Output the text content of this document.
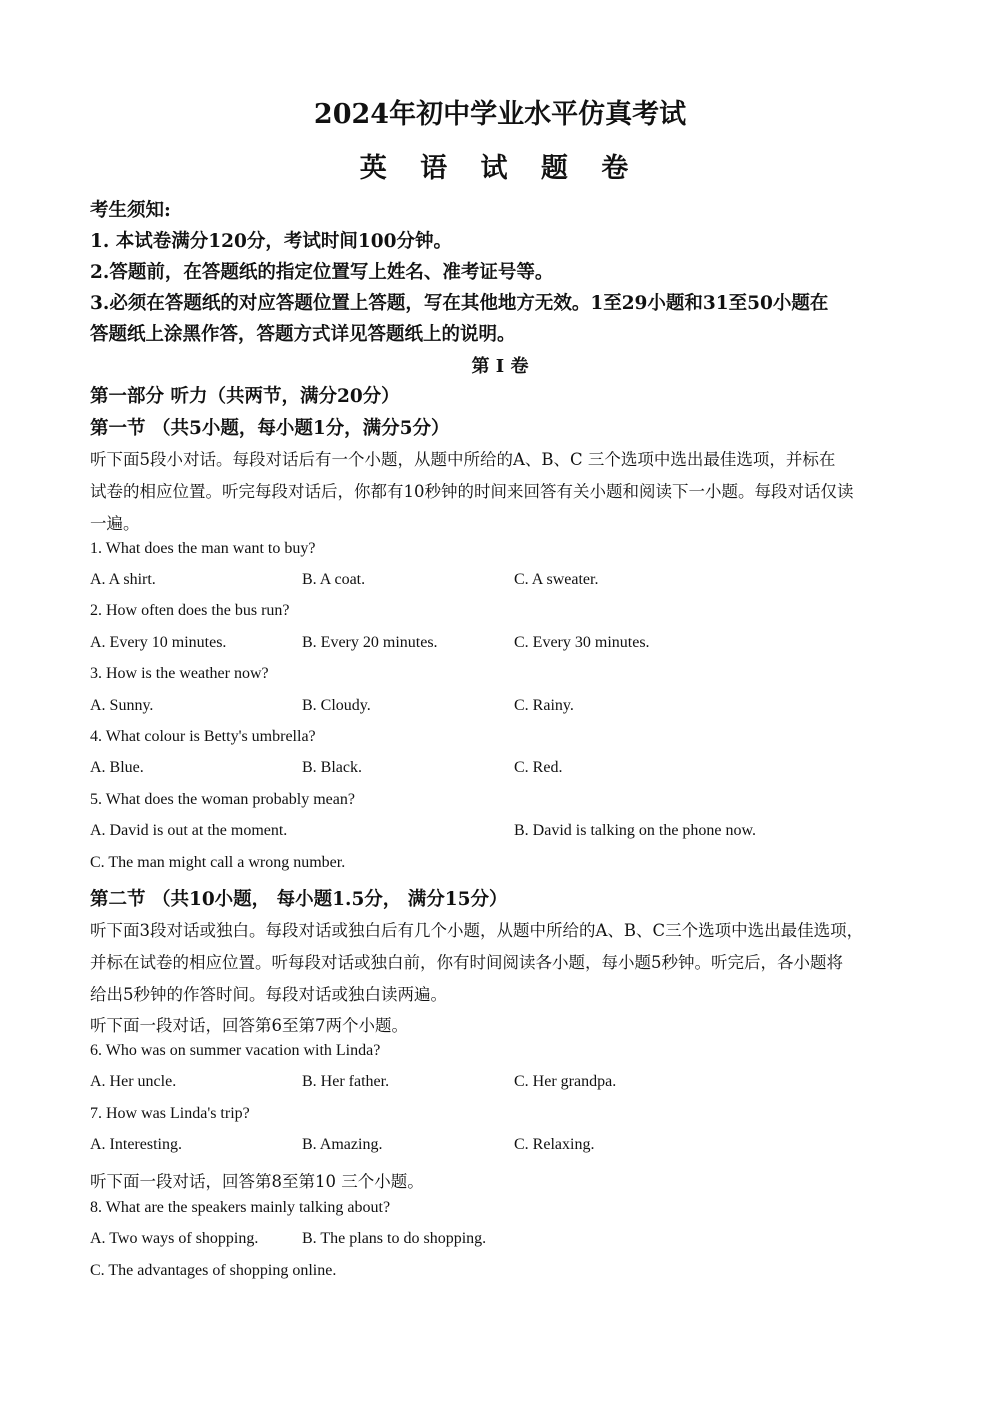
2024年初中学业水平仿真考试
英 语 试 题 卷
考生须知:
1. 本试卷满分120分，考试时间100分钟。
2.答题前，在答题纸的指定位置写上姓名、准考证号等。
3.必须在答题纸的对应答题位置上答题，写在其他地方无效。1至29小题和31至50小题在
答题纸上涂黑作答，答题方式详见答题纸上的说明。
第 I 卷
第一部分 听力（共两节，满分20分）
第一节 （共5小题，每小题1分，满分5分）
听下面5段小对话。每段对话后有一个小题，从题中所给的A、B、C 三个选项中选出最佳选项，并标在
试卷的相应位置。听完每段对话后，你都有10秒钟的时间来回答有关小题和阅读下一小题。每段对话仅读
一遍。
1. What does the man want to buy?
A. A shirt.	B. A coat.	C. A sweater.
2. How often does the bus run?
A. Every 10 minutes.	B. Every 20 minutes.	C. Every 30 minutes.
3. How is the weather now?
A. Sunny.	B. Cloudy.	C. Rainy.
4. What colour is Betty's umbrella?
A. Blue.	B. Black.	C. Red.
5. What does the woman probably mean?
A. David is out at the moment.	B. David is talking on the phone now.
C. The man might call a wrong number.
第二节 （共10小题， 每小题1.5分， 满分15分）
听下面3段对话或独白。每段对话或独白后有几个小题，从题中所给的A、B、C三个选项中选出最佳选项，
并标在试卷的相应位置。听每段对话或独白前，你有时间阅读各小题，每小题5秒钟。听完后，各小题将
给出5秒钟的作答时间。每段对话或独白读两遍。
听下面一段对话，回答第6至第7两个小题。
6. Who was on summer vacation with Linda?
A. Her uncle.	B. Her father.	C. Her grandpa.
7. How was Linda's trip?
A. Interesting.	B. Amazing.	C. Relaxing.
听下面一段对话，回答第8至第10 三个小题。
8. What are the speakers mainly talking about?
A. Two ways of shopping.	B. The plans to do shopping.
C. The advantages of shopping online.
